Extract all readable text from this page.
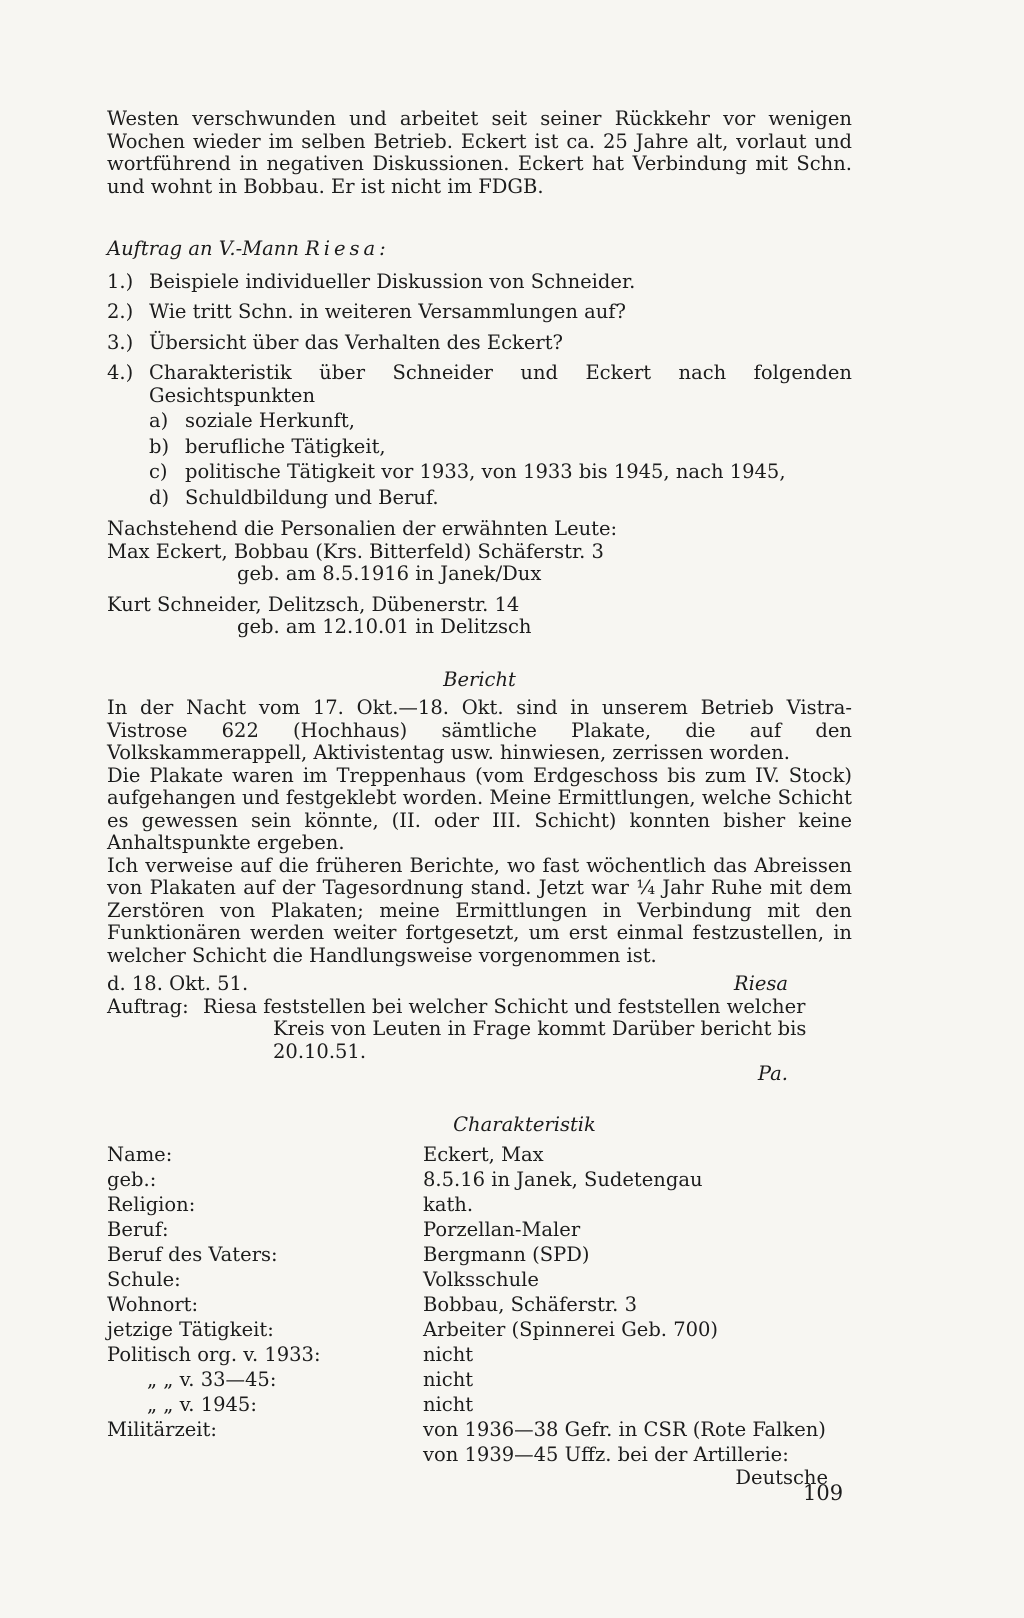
Westen verschwunden und arbeitet seit seiner Rückkehr vor wenigen Wochen wieder im selben Betrieb. Eckert ist ca. 25 Jahre alt, vorlaut und wortführend in negativen Diskussionen. Eckert hat Verbindung mit Schn. und wohnt in Bobbau. Er ist nicht im FDGB.

Auftrag an V.-Mann Riesa:

1.) Beispiele individueller Diskussion von Schneider.
2.) Wie tritt Schn. in weiteren Versammlungen auf?
3.) Übersicht über das Verhalten des Eckert?
4.) Charakteristik über Schneider und Eckert nach folgenden Gesichtspunkten
a) soziale Herkunft,
b) berufliche Tätigkeit,
c) politische Tätigkeit vor 1933, von 1933 bis 1945, nach 1945,
d) Schuldbildung und Beruf.

Nachstehend die Personalien der erwähnten Leute:

Max Eckert, Bobbau (Krs. Bitterfeld) Schäferstr. 3

geb. am 8.5.1916 in Janek/Dux

Kurt Schneider, Delitzsch, Dübenerstr. 14

geb. am 12.10.01 in Delitzsch

Bericht

In der Nacht vom 17. Okt.—18. Okt. sind in unserem Betrieb Vistra-Vistrose 622 (Hochhaus) sämtliche Plakate, die auf den Volkskammerappell, Aktivistentag usw. hinwiesen, zerrissen worden.

Die Plakate waren im Treppenhaus (vom Erdgeschoss bis zum IV. Stock) aufgehangen und festgeklebt worden. Meine Ermittlungen, welche Schicht es gewessen sein könnte, (II. oder III. Schicht) konnten bisher keine Anhaltspunkte ergeben.

Ich verweise auf die früheren Berichte, wo fast wöchentlich das Abreissen von Plakaten auf der Tagesordnung stand. Jetzt war ¼ Jahr Ruhe mit dem Zerstören von Plakaten; meine Ermittlungen in Verbindung mit den Funktionären werden weiter fortgesetzt, um erst einmal festzustellen, in welcher Schicht die Handlungsweise vorgenommen ist.

d. 18. Okt. 51.	Riesa
Auftrag: Riesa feststellen bei welcher Schicht und feststellen welcher
Kreis von Leuten in Frage kommt Darüber bericht bis 20.10.51.

Pa.

Charakteristik

Name:	Eckert, Max
geb.:	8.5.16 in Janek, Sudetengau
Religion:	kath.
Beruf:	Porzellan-Maler
Beruf des Vaters:	Bergmann (SPD)
Schule:	Volksschule
Wohnort:	Bobbau, Schäferstr. 3
jetzige Tätigkeit:	Arbeiter (Spinnerei Geb. 700)
Politisch org. v. 1933:	nicht
„ „ v. 33—45:	nicht
„ „ v. 1945:	nicht
Militärzeit:	von 1936—38 Gefr. in CSR (Rote Falken)
	von 1939—45 Uffz. bei der Artillerie:

Deutsche

109
